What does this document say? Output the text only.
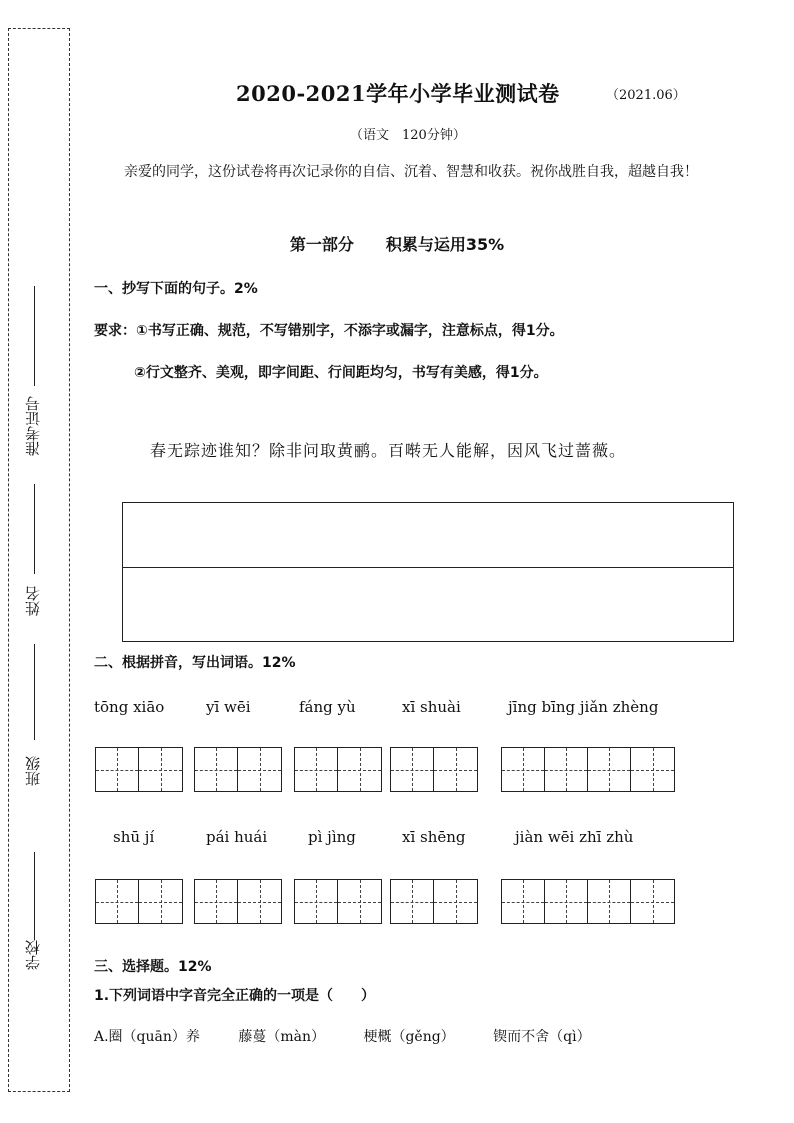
准考证号
姓名
班级
学校
2020-2021学年小学毕业测试卷	（2021.06）
（语文　120分钟）
亲爱的同学，这份试卷将再次记录你的自信、沉着、智慧和收获。祝你战胜自我，超越自我！
第一部分　　积累与运用35%
一、抄写下面的句子。2%
要求：①书写正确、规范，不写错别字，不添字或漏字，注意标点，得1分。
②行文整齐、美观，即字间距、行间距均匀，书写有美感，得1分。
春无踪迹谁知？除非问取黄鹂。百啭无人能解，因风飞过蔷薇。
二、根据拼音，写出词语。12%
tōng xiāo	yī wēi	fáng yù	xī shuài	jīng bīng jiǎn zhèng
shū jí	pái huái	pì jìng	xī shēng	jiàn wēi zhī zhù
三、选择题。12%
1.下列词语中字音完全正确的一项是（　　）
A.圈（quān）养	藤蔓（màn）	梗概（gěng）	锲而不舍（qì）
